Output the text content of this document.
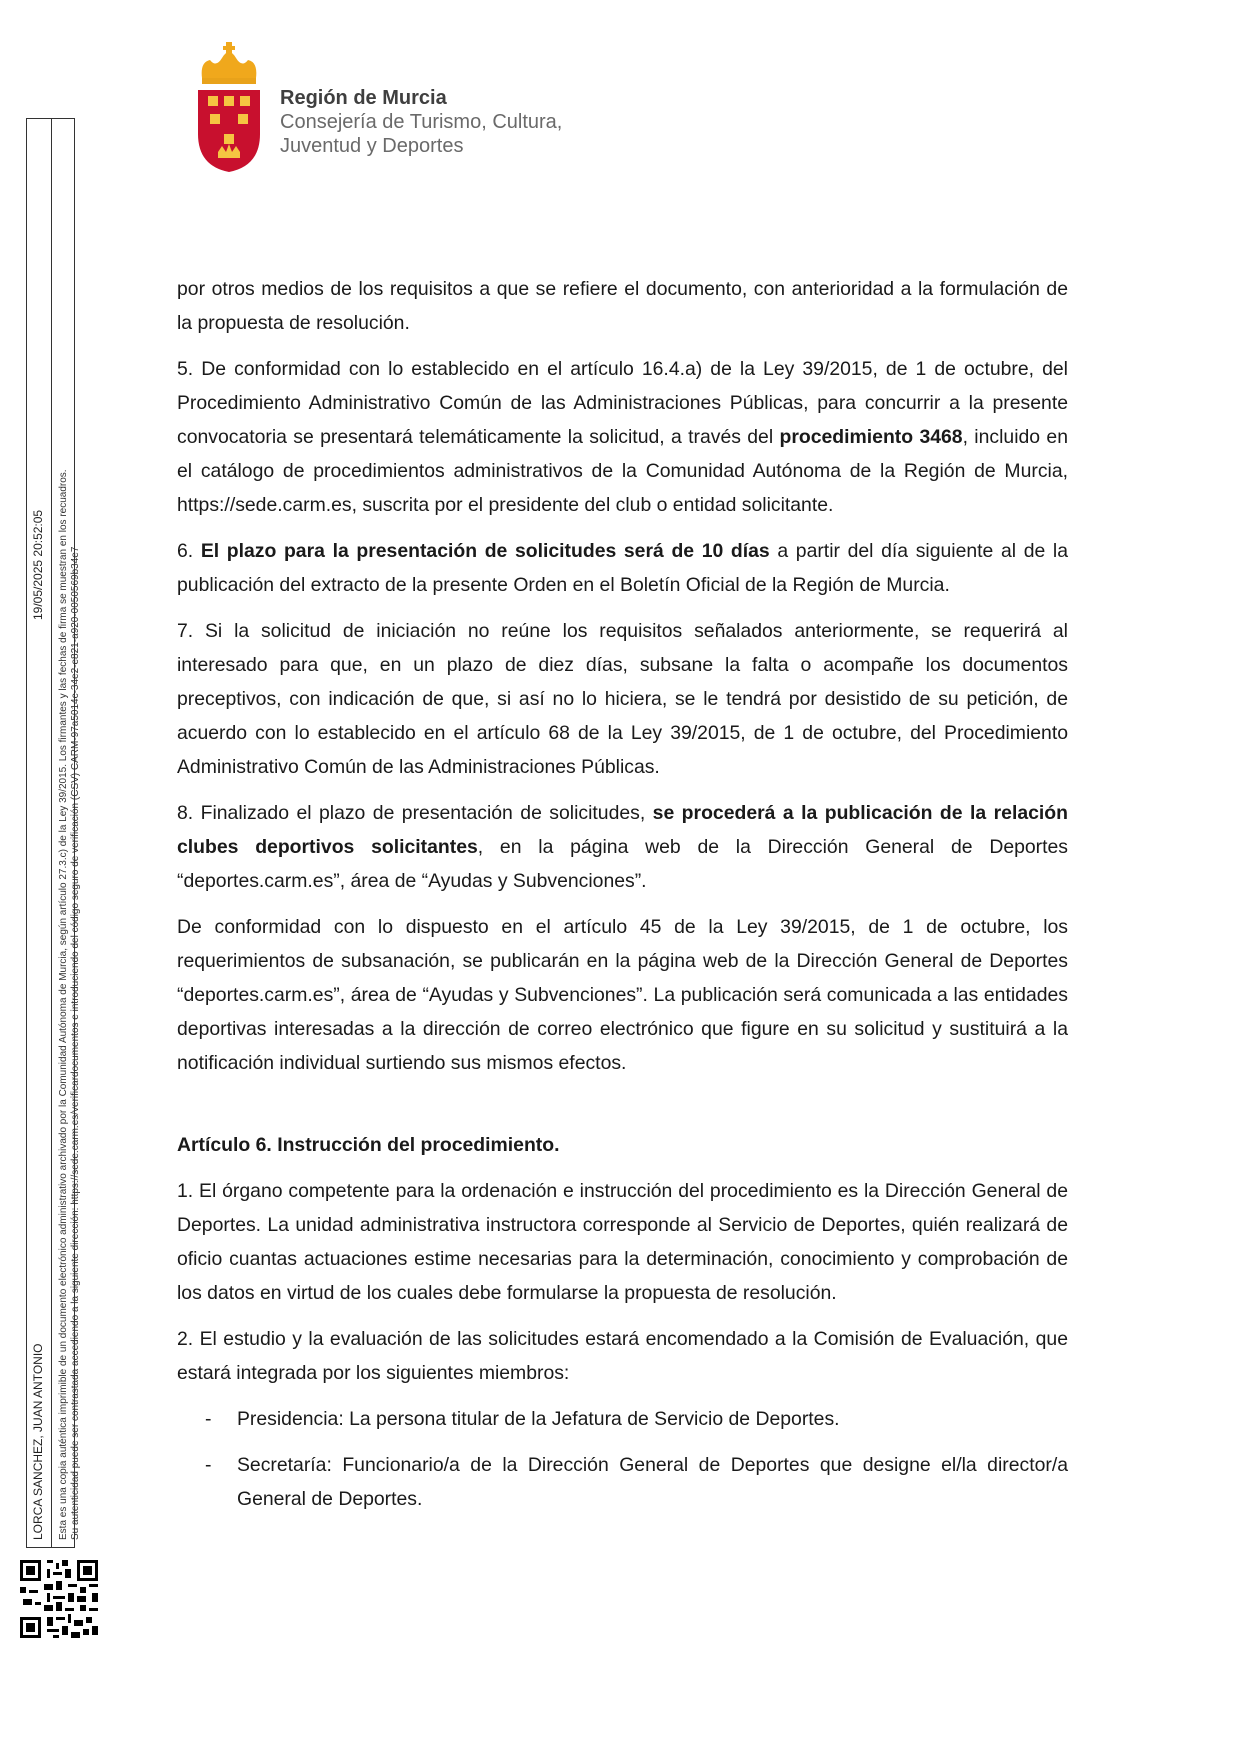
Región de Murcia
Consejería de Turismo, Cultura,
Juventud y Deportes
LORCA SANCHEZ, JUAN ANTONIO
19/05/2025 20:52:05 Esta es una copia auténtica imprimible de un documento electrónico administrativo archivado por la Comunidad Autónoma de Murcia, según artículo 27.3.c) de la Ley 39/2015. Los firmantes y las fechas de firma se muestran en los recuadros. Su autenticidad puede ser contrastada accediendo a la siguiente dirección: https://sede.carm.es/verificardocumentos e introduciendo del código seguro de verificación (CSV) CARM-97a5014c-34e2-e821-a920-0050569b34e7

por otros medios de los requisitos a que se refiere el documento, con anterioridad a la formulación de la propuesta de resolución.

5. De conformidad con lo establecido en el artículo 16.4.a) de la Ley 39/2015, de 1 de octubre, del Procedimiento Administrativo Común de las Administraciones Públicas, para concurrir a la presente convocatoria se presentará telemáticamente la solicitud, a través del procedimiento 3468, incluido en el catálogo de procedimientos administrativos de la Comunidad Autónoma de la Región de Murcia, https://sede.carm.es, suscrita por el presidente del club o entidad solicitante.

6. El plazo para la presentación de solicitudes será de 10 días a partir del día siguiente al de la publicación del extracto de la presente Orden en el Boletín Oficial de la Región de Murcia.

7. Si la solicitud de iniciación no reúne los requisitos señalados anteriormente, se requerirá al interesado para que, en un plazo de diez días, subsane la falta o acompañe los documentos preceptivos, con indicación de que, si así no lo hiciera, se le tendrá por desistido de su petición, de acuerdo con lo establecido en el artículo 68 de la Ley 39/2015, de 1 de octubre, del Procedimiento Administrativo Común de las Administraciones Públicas.

8. Finalizado el plazo de presentación de solicitudes, se procederá a la publicación de la relación clubes deportivos solicitantes, en la página web de la Dirección General de Deportes “deportes.carm.es”, área de “Ayudas y Subvenciones”.

De conformidad con lo dispuesto en el artículo 45 de la Ley 39/2015, de 1 de octubre, los requerimientos de subsanación, se publicarán en la página web de la Dirección General de Deportes “deportes.carm.es”, área de “Ayudas y Subvenciones”. La publicación será comunicada a las entidades deportivas interesadas a la dirección de correo electrónico que figure en su solicitud y sustituirá a la notificación individual surtiendo sus mismos efectos.

Artículo 6. Instrucción del procedimiento.

1. El órgano competente para la ordenación e instrucción del procedimiento es la Dirección General de Deportes. La unidad administrativa instructora corresponde al Servicio de Deportes, quién realizará de oficio cuantas actuaciones estime necesarias para la determinación, conocimiento y comprobación de los datos en virtud de los cuales debe formularse la propuesta de resolución.

2. El estudio y la evaluación de las solicitudes estará encomendado a la Comisión de Evaluación, que estará integrada por los siguientes miembros:

- Presidencia: La persona titular de la Jefatura de Servicio de Deportes.
- Secretaría: Funcionario/a de la Dirección General de Deportes que designe el/la director/a General de Deportes.
